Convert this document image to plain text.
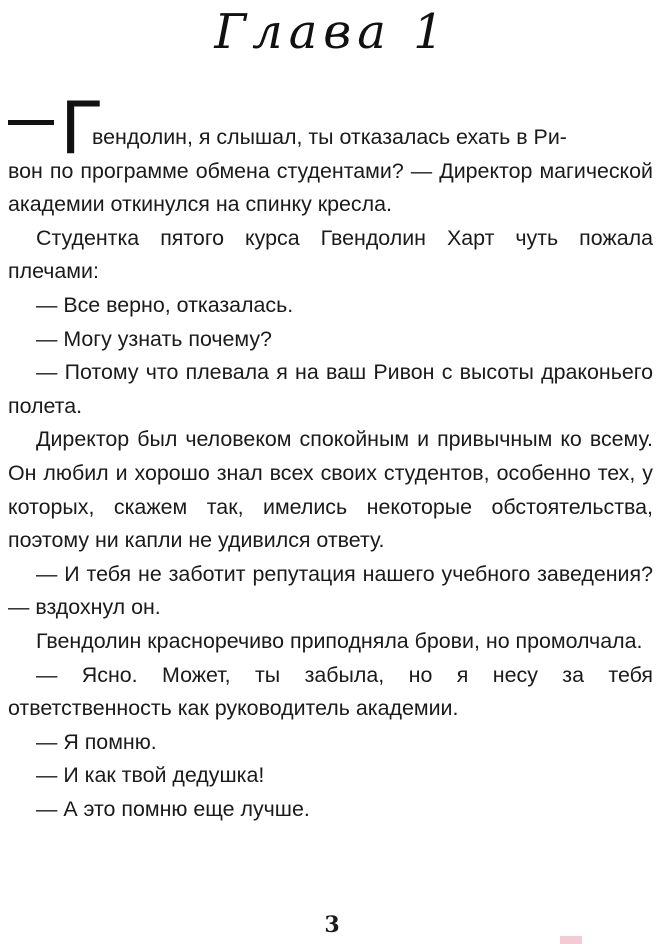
Глава 1
Г

вендолин, я слышал, ты отказалась ехать в Ри-
вон по программе обмена студентами? — Директор магической академии откинулся на спинку кресла.

Студентка пятого курса Гвендолин Харт чуть пожала плечами:

— Все верно, отказалась.

— Могу узнать почему?

— Потому что плевала я на ваш Ривон с высоты драконьего полета.

Директор был человеком спокойным и привычным ко всему. Он любил и хорошо знал всех своих студентов, особенно тех, у которых, скажем так, имелись некоторые обстоятельства, поэтому ни капли не удивился ответу.

— И тебя не заботит репутация нашего учебного заведения? — вздохнул он.

Гвендолин красноречиво приподняла брови, но промолчала.

— Ясно. Может, ты забыла, но я несу за тебя ответственность как руководитель академии.

— Я помню.

— И как твой дедушка!

— А это помню еще лучше.

3
